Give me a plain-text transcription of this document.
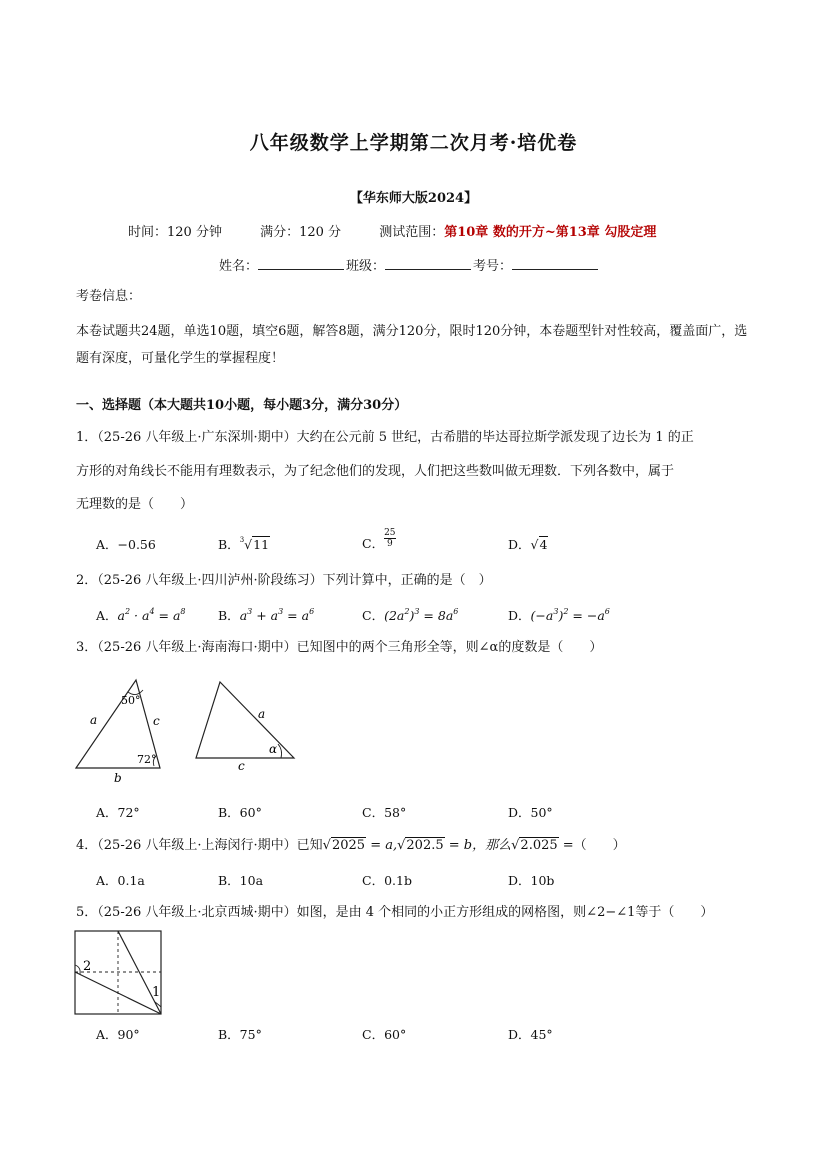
八年级数学上学期第二次月考·培优卷
【华东师大版2024】
时间：120 分钟	满分：120 分	测试范围：第10章 数的开方~第13章 勾股定理
姓名：	班级：	考号：
考卷信息：
本卷试题共24题，单选10题，填空6题，解答8题，满分120分，限时120分钟，本卷题型针对性较高，覆盖面广，选题有深度，可量化学生的掌握程度！
一、选择题（本大题共10小题，每小题3分，满分30分）
1．（25-26 八年级上·广东深圳·期中）大约在公元前 5 世纪，古希腊的毕达哥拉斯学派发现了边长为 1 的正
方形的对角线长不能用有理数表示，为了纪念他们的发现，人们把这些数叫做无理数．下列各数中，属于
无理数的是（　　）
A．−0.56	B．$^3$√11	C． $\frac{25}{9}$	D．√4
2．（25-26 八年级上·四川泸州·阶段练习）下列计算中，正确的是（　）
A．$a^2 \cdot a^4 = a^8$	B．$a^3 + a^3 = a^6$	C．$(2a^2)^3 = 8a^6$	D．$(-a^3)^2 = -a^6$
3．（25-26 八年级上·海南海口·期中）已知图中的两个三角形全等，则∠α的度数是（　　）
50°
72°
a	c
b
a
α
c
A．72°	B．60°	C．58°	D．50°
4．（25-26 八年级上·上海闵行·期中）已知√2025 = a,√202.5 = b，那么√2.025 =（　　）
A．0.1a	B．10a	C．0.1b	D．10b
5．（25-26 八年级上·北京西城·期中）如图，是由 4 个相同的小正方形组成的网格图，则∠2−∠1等于（　　）
2
1
A．90°	B．75°	C．60°	D．45°
